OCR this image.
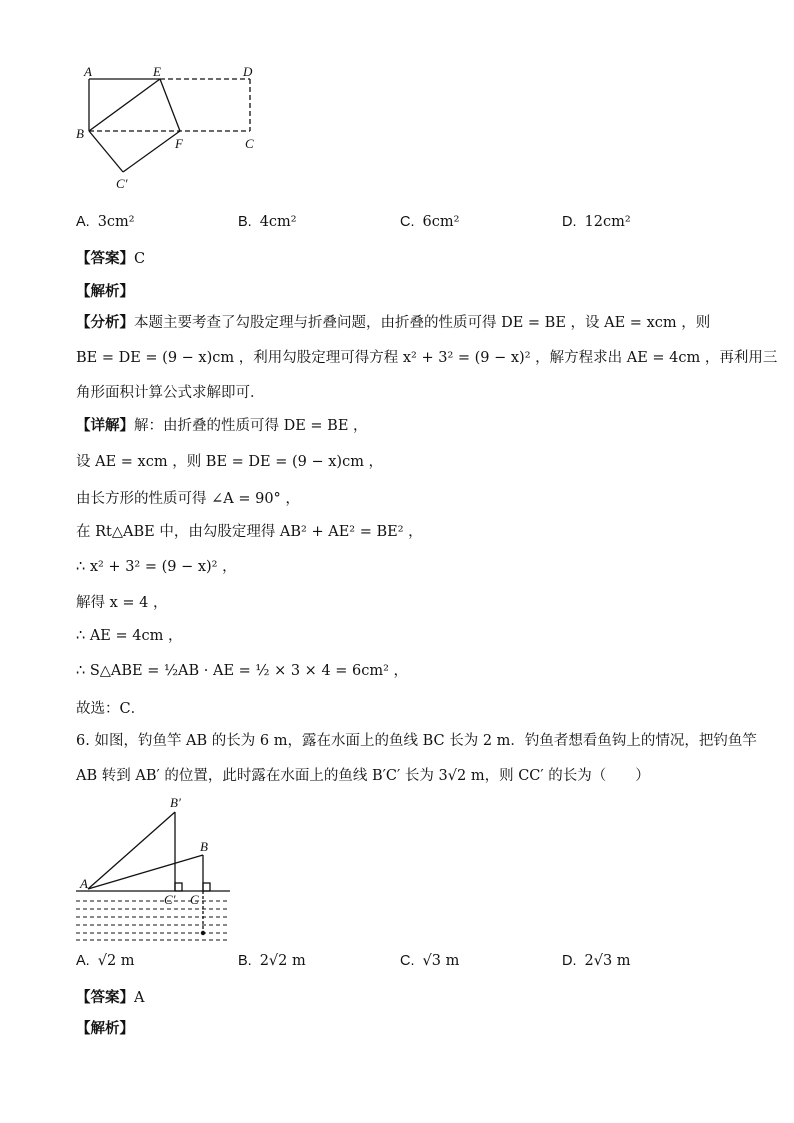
A	E	D
B
F	C
C′
A. 3cm²	B. 4cm²	C. 6cm²	D. 12cm²
【答案】C
【解析】
【分析】本题主要考查了勾股定理与折叠问题，由折叠的性质可得 DE = BE ，设 AE = xcm ，则
BE = DE = (9 − x)cm ，利用勾股定理可得方程 x² + 3² = (9 − x)² ，解方程求出 AE = 4cm ，再利用三
角形面积计算公式求解即可．
【详解】解：由折叠的性质可得 DE = BE ，
设 AE = xcm ，则 BE = DE = (9 − x)cm ，
由长方形的性质可得 ∠A = 90° ，
在 Rt△ABE 中，由勾股定理得 AB² + AE² = BE² ，
∴ x² + 3² = (9 − x)² ，
解得 x = 4 ，
∴ AE = 4cm ，
∴ S△ABE = ½AB · AE = ½ × 3 × 4 = 6cm² ，
故选：C．
6. 如图，钓鱼竿 AB 的长为 6 m，露在水面上的鱼线 BC 长为 2 m．钓鱼者想看鱼钩上的情况，把钓鱼竿
AB 转到 AB′ 的位置，此时露在水面上的鱼线 B′C′ 长为 3√2 m，则 CC′ 的长为（　　）
B′
B
A
C′ C
A. √2 m	B. 2√2 m	C. √3 m	D. 2√3 m
【答案】A
【解析】
